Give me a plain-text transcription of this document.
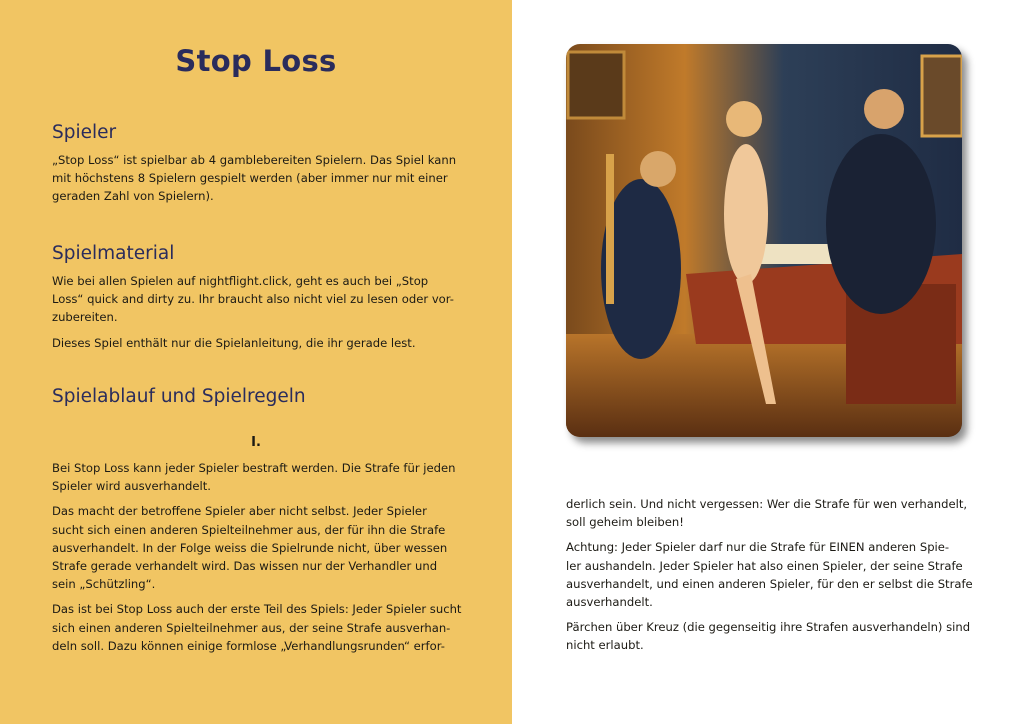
Stop Loss
Spieler

„Stop Loss“ ist spielbar ab 4 gamblebereiten Spielern. Das Spiel kann
mit höchstens 8 Spielern gespielt werden (aber immer nur mit einer
geraden Zahl von Spielern).

Spielmaterial

Wie bei allen Spielen auf nightflight.click, geht es auch bei „Stop
Loss“ quick and dirty zu. Ihr braucht also nicht viel zu lesen oder vor-
zubereiten.

Dieses Spiel enthält nur die Spielanleitung, die ihr gerade lest.

Spielablauf und Spielregeln
I.

Bei Stop Loss kann jeder Spieler bestraft werden. Die Strafe für jeden
Spieler wird ausverhandelt.

Das macht der betroffene Spieler aber nicht selbst. Jeder Spieler
sucht sich einen anderen Spielteilnehmer aus, der für ihn die Strafe
ausverhandelt. In der Folge weiss die Spielrunde nicht, über wessen
Strafe gerade verhandelt wird. Das wissen nur der Verhandler und
sein „Schützling“.

Das ist bei Stop Loss auch der erste Teil des Spiels: Jeder Spieler sucht
sich einen anderen Spielteilnehmer aus, der seine Strafe ausverhan-
deln soll. Dazu können einige formlose „Verhandlungsrunden“ erfor-

derlich sein. Und nicht vergessen: Wer die Strafe für wen verhandelt,
soll geheim bleiben!

Achtung: Jeder Spieler darf nur die Strafe für EINEN anderen Spie-
ler aushandeln. Jeder Spieler hat also einen Spieler, der seine Strafe
ausverhandelt, und einen anderen Spieler, für den er selbst die Strafe
ausverhandelt.

Pärchen über Kreuz (die gegenseitig ihre Strafen ausverhandeln) sind
nicht erlaubt.
